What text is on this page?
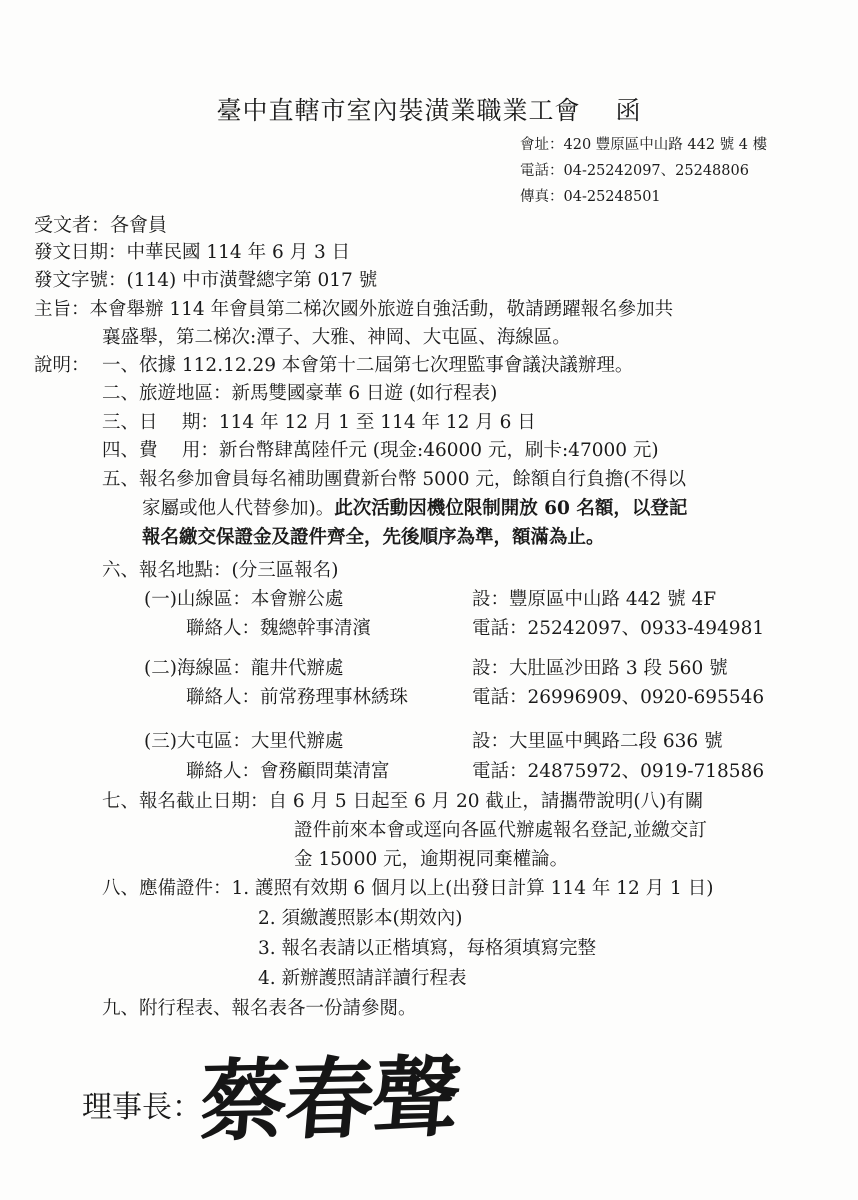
臺中直轄市室內裝潢業職業工會　 函
會址：420 豐原區中山路 442 號 4 樓
電話：04-25242097、25248806
傳真：04-25248501
受文者：各會員
發文日期：中華民國 114 年 6 月 3 日
發文字號：(114) 中市潢聲總字第 017 號
主旨：本會舉辦 114 年會員第二梯次國外旅遊自強活動，敬請踴躍報名參加共
襄盛舉，第二梯次:潭子、大雅、神岡、大屯區、海線區。
說明： 一、依據 112.12.29 本會第十二屆第七次理監事會議決議辦理。
二、旅遊地區：新馬雙國豪華 6 日遊 (如行程表)
三、日　 期：114 年 12 月 1 至 114 年 12 月 6 日
四、費　 用：新台幣肆萬陸仟元 (現金:46000 元，刷卡:47000 元)
五、報名參加會員每名補助團費新台幣 5000 元，餘額自行負擔(不得以
家屬或他人代替參加)。此次活動因機位限制開放 60 名額，以登記
報名繳交保證金及證件齊全，先後順序為準，額滿為止。
六、報名地點：(分三區報名)
(一)山線區：本會辦公處	設：豐原區中山路 442 號 4F
聯絡人：魏總幹事清濱	電話：25242097、0933-494981
(二)海線區：龍井代辦處	設：大肚區沙田路 3 段 560 號
聯絡人：前常務理事林綉珠	電話：26996909、0920-695546
(三)大屯區：大里代辦處	設：大里區中興路二段 636 號
聯絡人：會務顧問葉清富	電話：24875972、0919-718586
七、報名截止日期：自 6 月 5 日起至 6 月 20 截止，請攜帶說明(八)有關
證件前來本會或逕向各區代辦處報名登記,並繳交訂
金 15000 元，逾期視同棄權論。
八、應備證件：1. 護照有效期 6 個月以上(出發日計算 114 年 12 月 1 日)
2. 須繳護照影本(期效內)
3. 報名表請以正楷填寫，每格須填寫完整
4. 新辦護照請詳讀行程表
九、附行程表、報名表各一份請參閱。
理事長：
蔡春聲
